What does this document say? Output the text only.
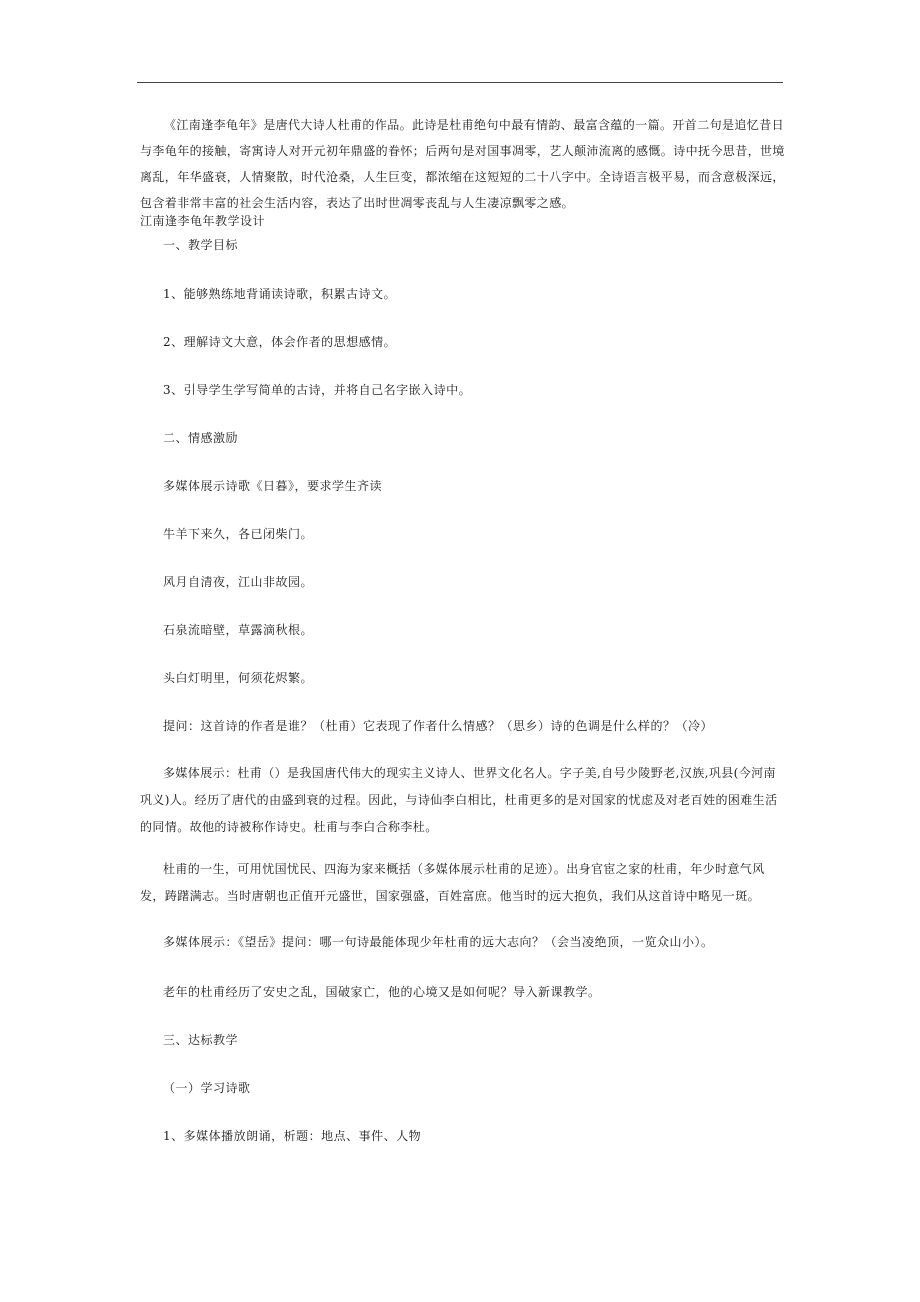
《江南逢李龟年》是唐代大诗人杜甫的作品。此诗是杜甫绝句中最有情韵、最富含蕴的一篇。开首二句是追忆昔日与李龟年的接触，寄寓诗人对开元初年鼎盛的眷怀；后两句是对国事凋零，艺人颠沛流离的感慨。诗中抚今思昔，世境离乱，年华盛衰，人情聚散，时代沧桑，人生巨变，都浓缩在这短短的二十八字中。全诗语言极平易，而含意极深远，包含着非常丰富的社会生活内容，表达了出时世凋零丧乱与人生凄凉飘零之感。

江南逢李龟年教学设计

一、教学目标

1、能够熟练地背诵读诗歌，积累古诗文。

2、理解诗文大意，体会作者的思想感情。

3、引导学生学写简单的古诗，并将自己名字嵌入诗中。

二、情感激励

多媒体展示诗歌《日暮》，要求学生齐读

牛羊下来久，各已闭柴门。

风月自清夜，江山非故园。

石泉流暗壁，草露滴秋根。

头白灯明里，何须花烬繁。

提问：这首诗的作者是谁？（杜甫）它表现了作者什么情感？（思乡）诗的色调是什么样的？（冷）

多媒体展示：杜甫（）是我国唐代伟大的现实主义诗人、世界文化名人。字子美,自号少陵野老,汉族,巩县(今河南巩义)人。经历了唐代的由盛到衰的过程。因此，与诗仙李白相比，杜甫更多的是对国家的忧虑及对老百姓的困难生活的同情。故他的诗被称作诗史。杜甫与李白合称李杜。

杜甫的一生，可用忧国忧民、四海为家来概括（多媒体展示杜甫的足迹）。出身官宦之家的杜甫，年少时意气风发，踌躇满志。当时唐朝也正值开元盛世，国家强盛，百姓富庶。他当时的远大抱负，我们从这首诗中略见一斑。

多媒体展示：《望岳》提问：哪一句诗最能体现少年杜甫的远大志向？（会当凌绝顶，一览众山小）。

老年的杜甫经历了安史之乱，国破家亡，他的心境又是如何呢？导入新课教学。

三、达标教学

（一）学习诗歌

1、多媒体播放朗诵，析题：地点、事件、人物
